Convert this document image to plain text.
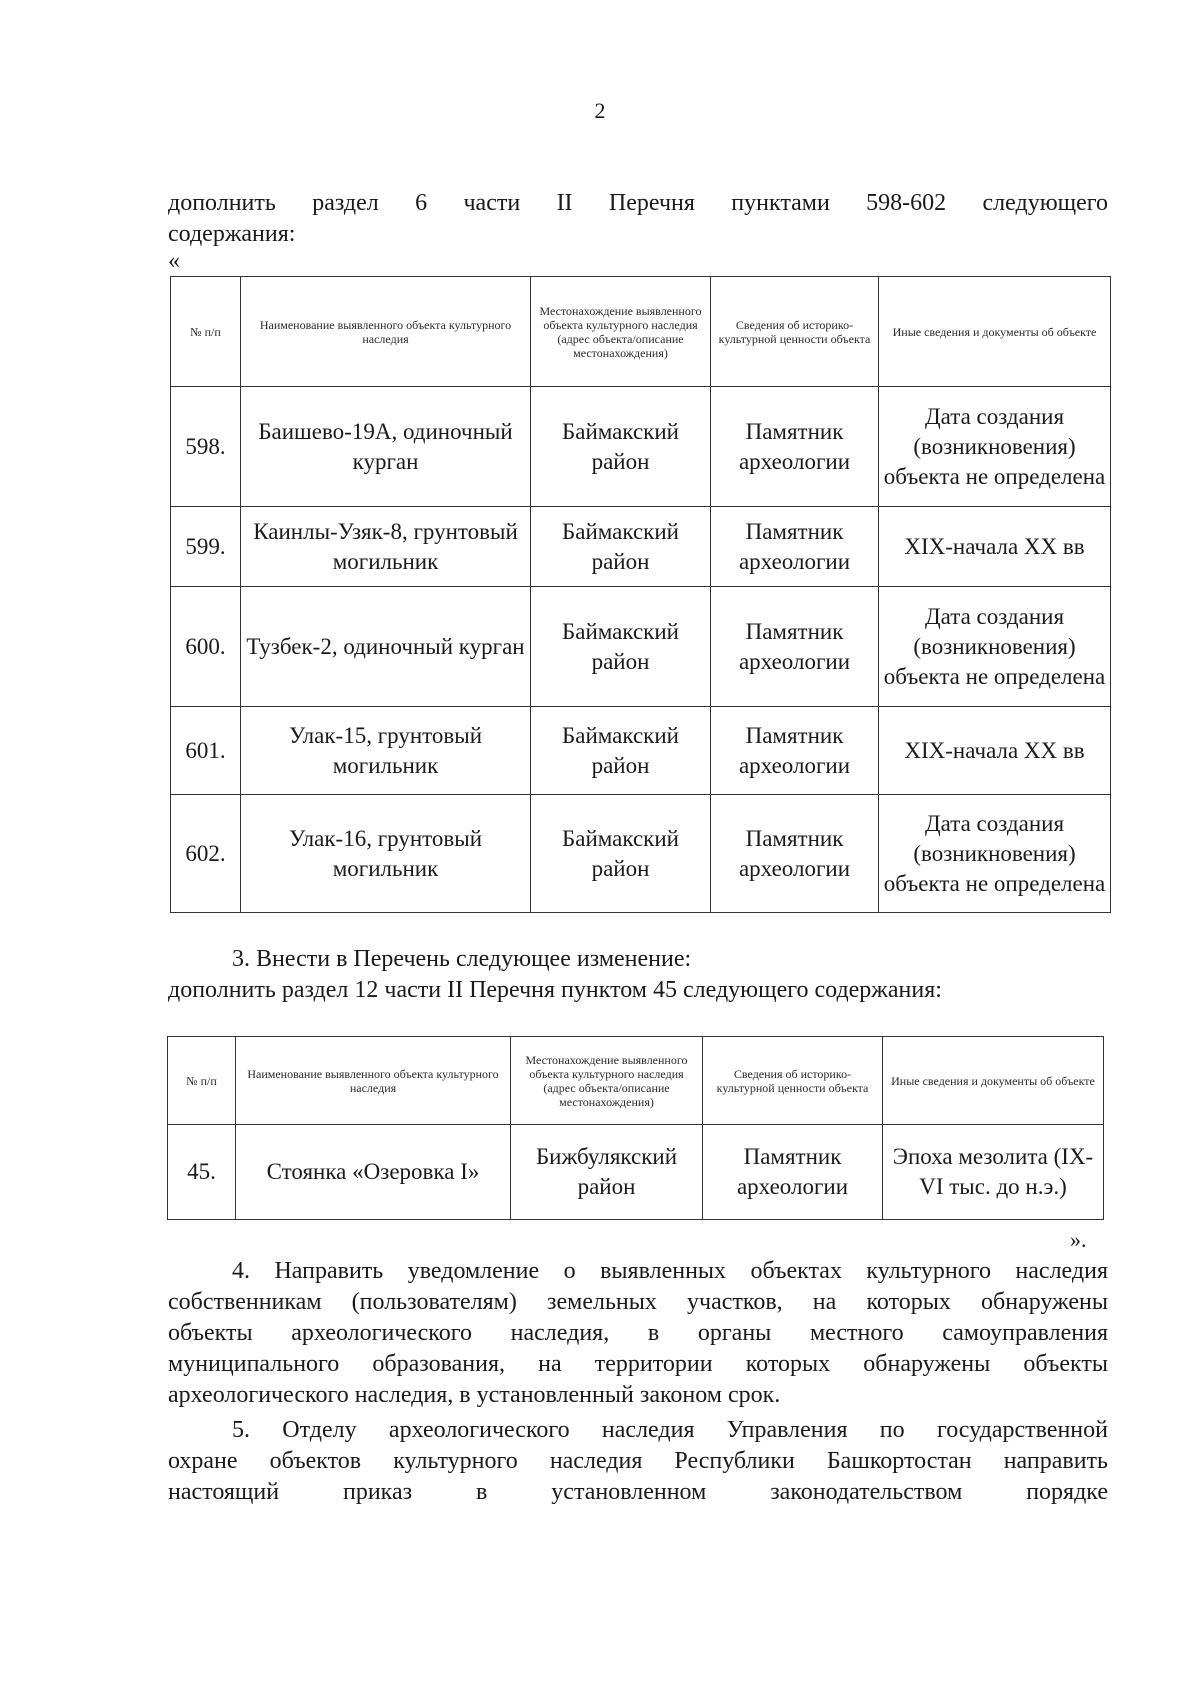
2

дополнить раздел 6 части II Перечня пунктами 598-602 следующего

содержания:

«
№ п/п	Наименование выявленного объекта культурного наследия	Местонахождение выявленного объекта культурного наследия (адрес объекта/описание местонахождения)	Сведения об историко-культурной ценности объекта	Иные сведения и документы об объекте
598.	Баишево-19А, одиночный курган	Баймакский район	Памятник археологии	Дата создания (возникновения) объекта не определена
599.	Каинлы-Узяк-8, грунтовый могильник	Баймакский район	Памятник археологии	XIX-начала XX вв
600.	Тузбек-2, одиночный курган	Баймакский район	Памятник археологии	Дата создания (возникновения) объекта не определена
601.	Улак-15, грунтовый могильник	Баймакский район	Памятник археологии	XIX-начала XX вв
602.	Улак-16, грунтовый могильник	Баймакский район	Памятник археологии	Дата создания (возникновения) объекта не определена

3. Внести в Перечень следующее изменение:

дополнить раздел 12 части II Перечня пунктом 45 следующего содержания:

№ п/п	Наименование выявленного объекта культурного наследия	Местонахождение выявленного объекта культурного наследия (адрес объекта/описание местонахождения)	Сведения об историко-культурной ценности объекта	Иные сведения и документы об объекте
45.	Стоянка «Озеровка I»	Бижбулякский район	Памятник археологии	Эпоха мезолита (IX-VI тыс. до н.э.)
».

4. Направить уведомление о выявленных объектах культурного наследия

собственникам (пользователям) земельных участков, на которых обнаружены

объекты археологического наследия, в органы местного самоуправления

муниципального образования, на территории которых обнаружены объекты

археологического наследия, в установленный законом срок.

5. Отделу археологического наследия Управления по государственной

охране объектов культурного наследия Республики Башкортостан направить

настоящий приказ в установленном законодательством порядке
